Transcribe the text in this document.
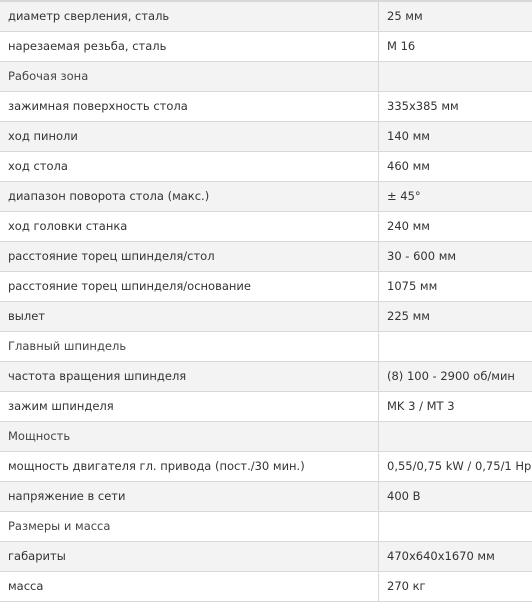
диаметр сверления, сталь	25 мм
нарезаемая резьба, сталь	M 16
Рабочая зона	
зажимная поверхность стола	335x385 мм
ход пиноли	140 мм
ход стола	460 мм
диапазон поворота стола (макс.)	± 45°
ход головки станка	240 мм
расстояние торец шпинделя/стол	30 - 600 мм
расстояние торец шпинделя/основание	1075 мм
вылет	225 мм
Главный шпиндель	
частота вращения шпинделя	(8) 100 - 2900 об/мин
зажим шпинделя	MK 3 / MT 3
Мощность	
мощность двигателя гл. привода (пост./30 мин.)	0,55/0,75 kW / 0,75/1 Hp
напряжение в сети	400 В
Размеры и масса	
габариты	470x640x1670 мм
масса	270 кг
